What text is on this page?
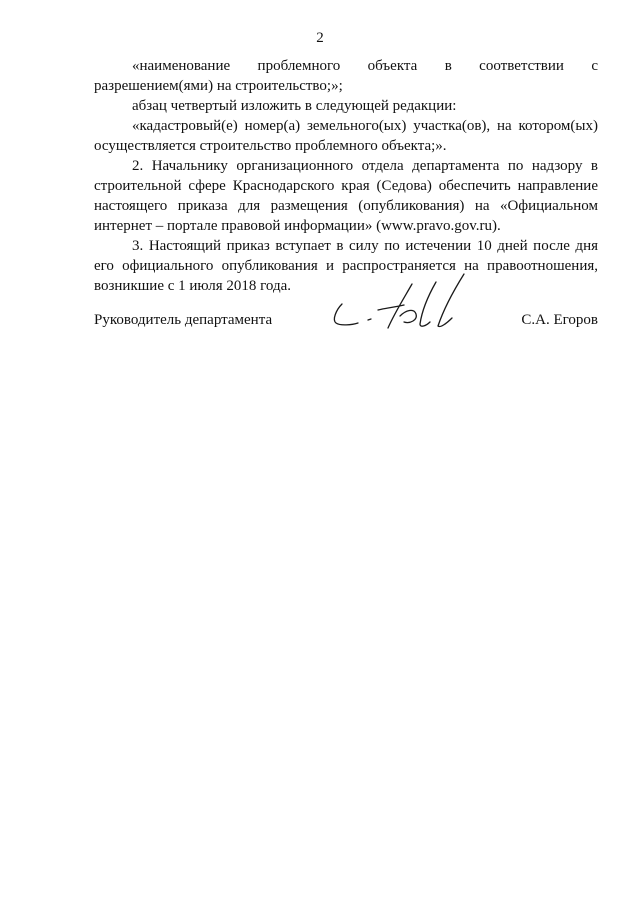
2

«наименование проблемного объекта в соответствии с разрешением(ями) на строительство;»;

абзац четвертый изложить в следующей редакции:

«кадастровый(е) номер(а) земельного(ых) участка(ов), на котором(ых) осуществляется строительство проблемного объекта;».

2. Начальнику организационного отдела департамента по надзору в строительной сфере Краснодарского края (Седова) обеспечить направление настоящего приказа для размещения (опубликования) на «Официальном интернет – портале правовой информации» (www.pravo.gov.ru).

3. Настоящий приказ вступает в силу по истечении 10 дней после дня его официального опубликования и распространяется на правоотношения, возникшие с 1 июля 2018 года.

Руководитель департамента	С.А. Егоров
